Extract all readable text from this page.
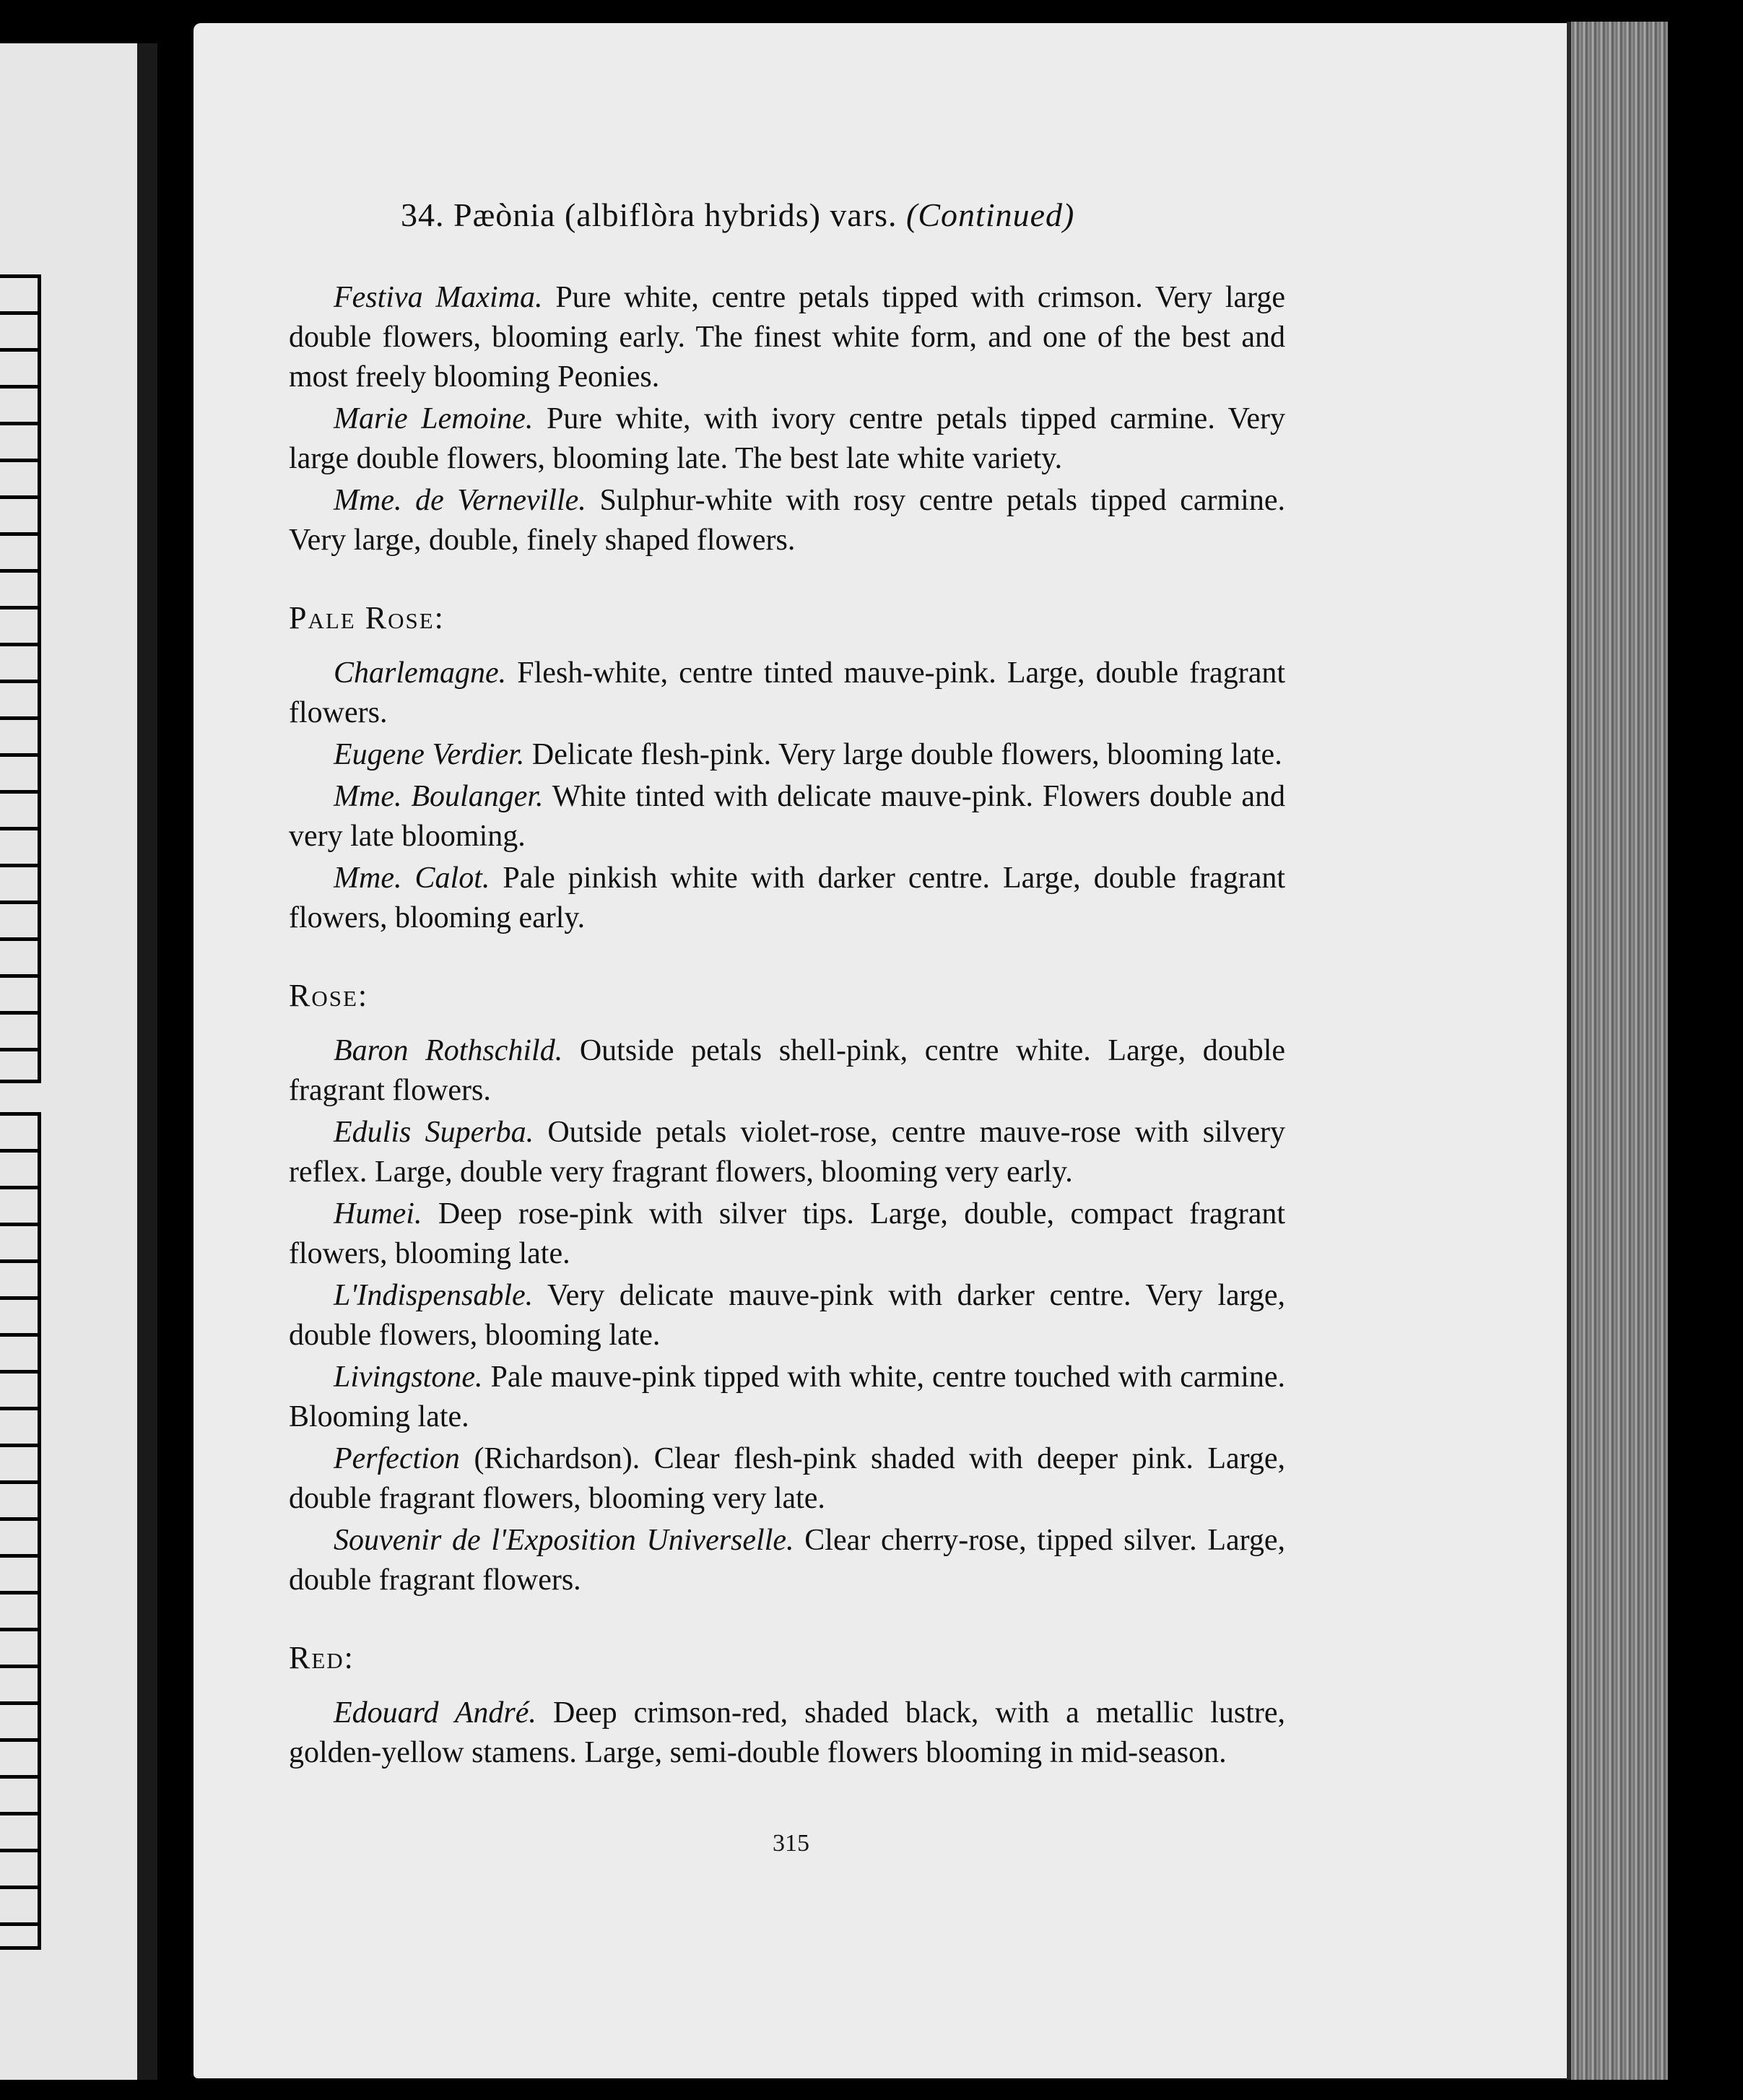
34. Pæònia (albiflòra hybrids) vars. (Continued)

Festiva Maxima. Pure white, centre petals tipped with crimson. Very large double flowers, blooming early. The finest white form, and one of the best and most freely blooming Peonies.

Marie Lemoine. Pure white, with ivory centre petals tipped carmine. Very large double flowers, blooming late. The best late white variety.

Mme. de Verneville. Sulphur-white with rosy centre petals tipped carmine. Very large, double, finely shaped flowers.

Pale Rose:

Charlemagne. Flesh-white, centre tinted mauve-pink. Large, double fragrant flowers.

Eugene Verdier. Delicate flesh-pink. Very large double flowers, blooming late.

Mme. Boulanger. White tinted with delicate mauve-pink. Flowers double and very late blooming.

Mme. Calot. Pale pinkish white with darker centre. Large, double fragrant flowers, blooming early.

Rose:

Baron Rothschild. Outside petals shell-pink, centre white. Large, double fragrant flowers.

Edulis Superba. Outside petals violet-rose, centre mauve-rose with silvery reflex. Large, double very fragrant flowers, blooming very early.

Humei. Deep rose-pink with silver tips. Large, double, compact fragrant flowers, blooming late.

L'Indispensable. Very delicate mauve-pink with darker centre. Very large, double flowers, blooming late.

Livingstone. Pale mauve-pink tipped with white, centre touched with carmine. Blooming late.

Perfection (Richardson). Clear flesh-pink shaded with deeper pink. Large, double fragrant flowers, blooming very late.

Souvenir de l'Exposition Universelle. Clear cherry-rose, tipped silver. Large, double fragrant flowers.

Red:

Edouard André. Deep crimson-red, shaded black, with a metallic lustre, golden-yellow stamens. Large, semi-double flowers blooming in mid-season.

315
